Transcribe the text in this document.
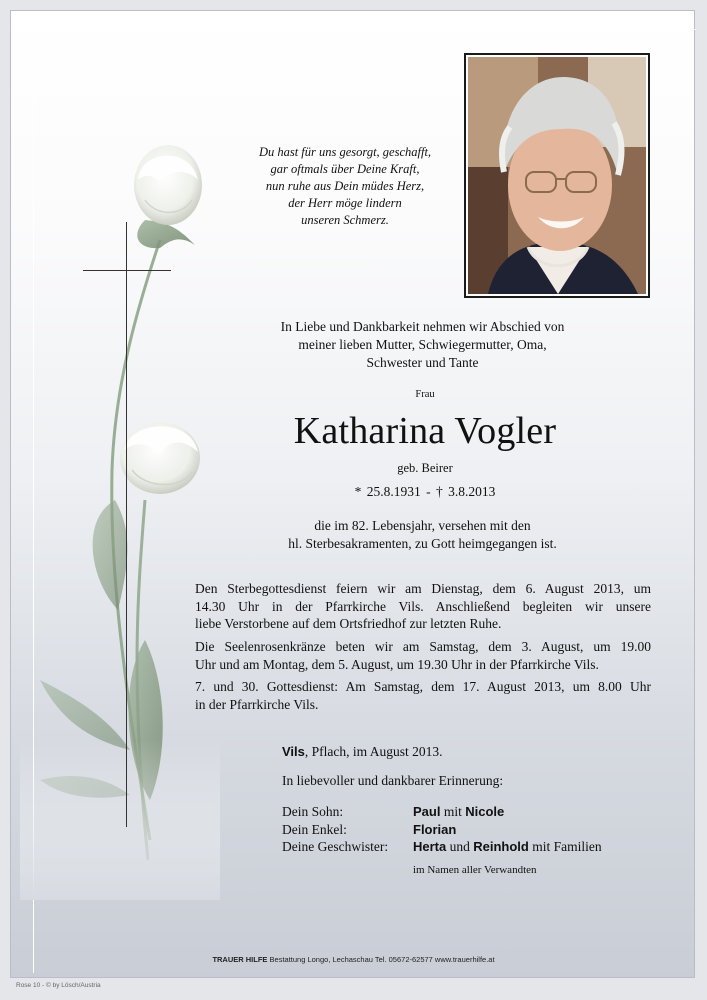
Du hast für uns gesorgt, geschafft,
gar oftmals über Deine Kraft,
nun ruhe aus Dein müdes Herz,
der Herr möge lindern
unseren Schmerz.
In Liebe und Dankbarkeit nehmen wir Abschied von
meiner lieben Mutter, Schwiegermutter, Oma,
Schwester und Tante
Frau
Katharina Vogler
geb. Beirer
* 25.8.1931 - † 3.8.2013
die im 82. Lebensjahr, versehen mit den
hl. Sterbesakramenten, zu Gott heimgegangen ist.
Den Sterbegottesdienst feiern wir am Dienstag, dem 6. August 2013, um
14.30 Uhr in der Pfarrkirche Vils. Anschließend begleiten wir unsere
liebe Verstorbene auf dem Ortsfriedhof zur letzten Ruhe.
Die Seelenrosenkränze beten wir am Samstag, dem 3. August, um 19.00
Uhr und am Montag, dem 5. August, um 19.30 Uhr in der Pfarrkirche Vils.
7. und 30. Gottesdienst: Am Samstag, dem 17. August 2013, um 8.00 Uhr
in der Pfarrkirche Vils.
Vils, Pflach, im August 2013.
In liebevoller und dankbarer Erinnerung:
Dein Sohn:	Paul mit Nicole
Dein Enkel:	Florian
Deine Geschwister:	Herta und Reinhold mit Familien
im Namen aller Verwandten
TRAUER HILFE Bestattung Longo, Lechaschau Tel. 05672-62577 www.trauerhilfe.at
Rose 10 - © by Lösch/Austria
